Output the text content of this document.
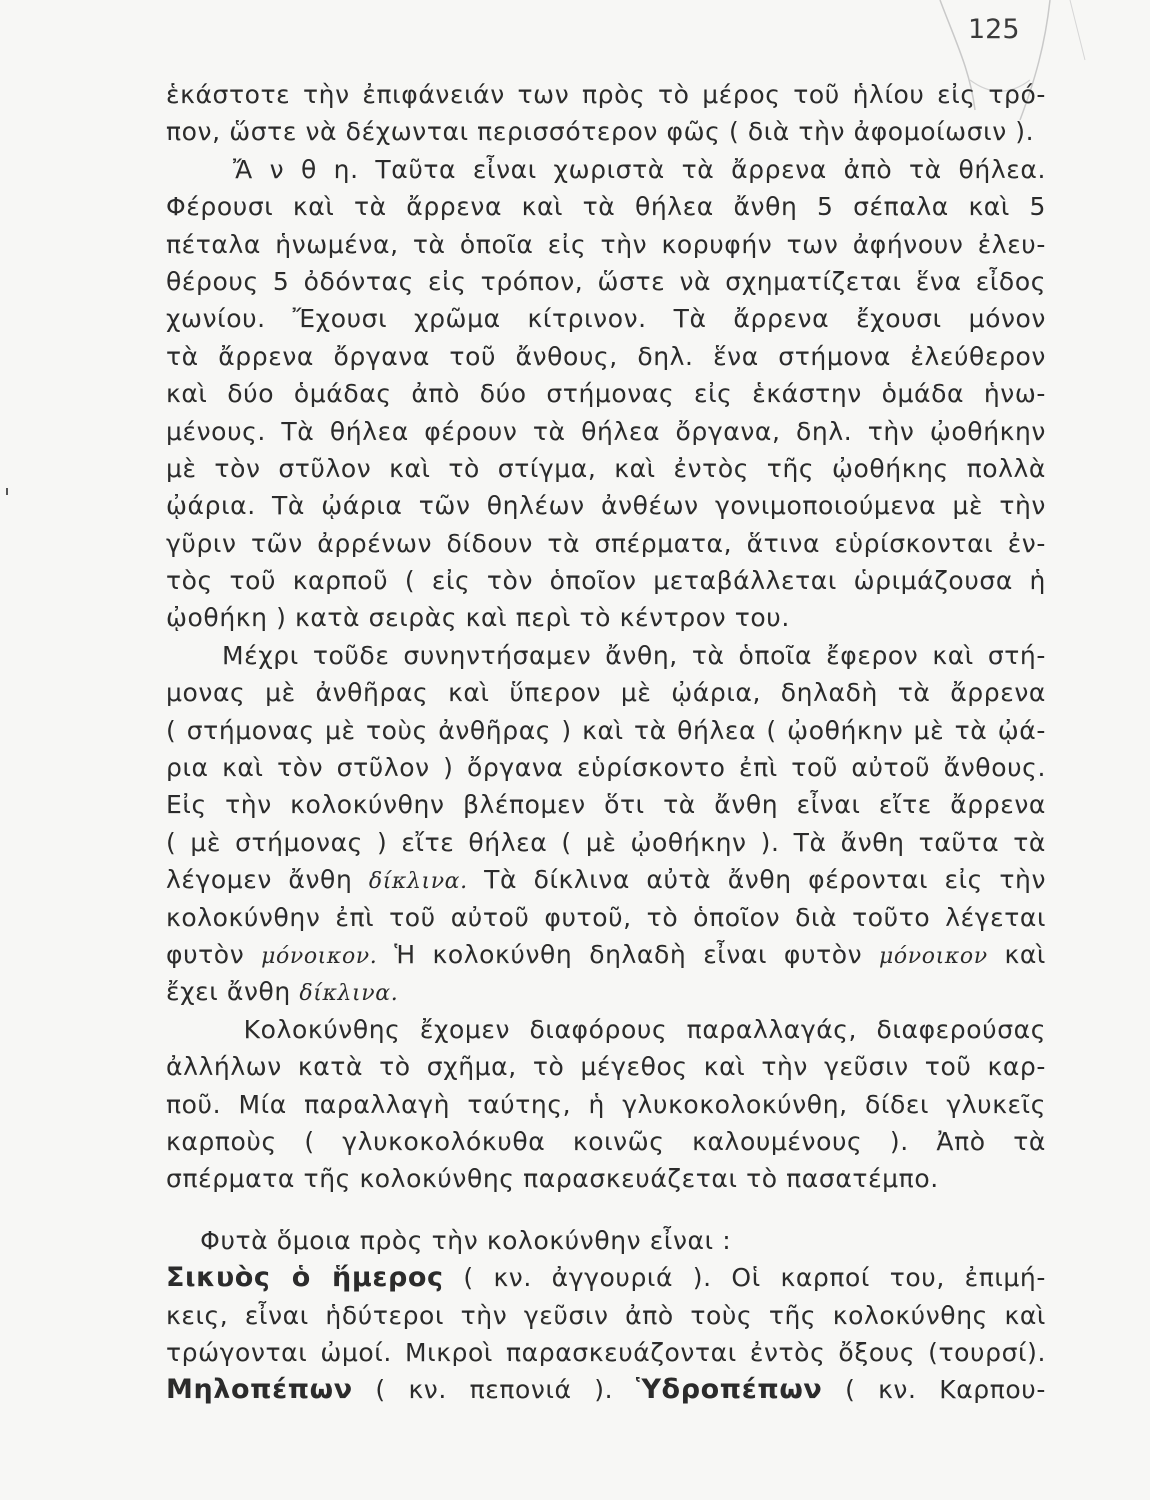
125
ἑκάστοτε τὴν ἐπιφάνειάν των πρὸς τὸ μέρος τοῦ ἡλίου εἰς τρό-
πον, ὥστε νὰ δέχωνται περισσότερον φῶς ( διὰ τὴν ἀφομοίωσιν ).
Ἄ ν θ η. Ταῦτα εἶναι χωριστὰ τὰ ἄρρενα ἀπὸ τὰ θήλεα.
Φέρουσι καὶ τὰ ἄρρενα καὶ τὰ θήλεα ἄνθη 5 σέπαλα καὶ 5
πέταλα ἡνωμένα, τὰ ὁποῖα εἰς τὴν κορυφήν των ἀφήνουν ἐλευ-
θέρους 5 ὀδόντας εἰς τρόπον, ὥστε νὰ σχηματίζεται ἕνα εἶδος
χωνίου. Ἔχουσι χρῶμα κίτρινον. Τὰ ἄρρενα ἔχουσι μόνον
τὰ ἄρρενα ὄργανα τοῦ ἄνθους, δηλ. ἕνα στήμονα ἐλεύθερον
καὶ δύο ὁμάδας ἀπὸ δύο στήμονας εἰς ἑκάστην ὁμάδα ἡνω-
μένους. Τὰ θήλεα φέρουν τὰ θήλεα ὄργανα, δηλ. τὴν ᾠοθήκην
μὲ τὸν στῦλον καὶ τὸ στίγμα, καὶ ἐντὸς τῆς ᾠοθήκης πολλὰ
ᾠάρια. Τὰ ᾠάρια τῶν θηλέων ἀνθέων γονιμοποιούμενα μὲ τὴν
γῦριν τῶν ἀρρένων δίδουν τὰ σπέρματα, ἅτινα εὑρίσκονται ἐν-
τὸς τοῦ καρποῦ ( εἰς τὸν ὁποῖον μεταβάλλεται ὡριμάζουσα ἡ
ᾠοθήκη ) κατὰ σειρὰς καὶ περὶ τὸ κέντρον του.
Μέχρι τοῦδε συνηντήσαμεν ἄνθη, τὰ ὁποῖα ἔφερον καὶ στή-
μονας μὲ ἀνθῆρας καὶ ὕπερον μὲ ᾠάρια, δηλαδὴ τὰ ἄρρενα
( στήμονας μὲ τοὺς ἀνθῆρας ) καὶ τὰ θήλεα ( ᾠοθήκην μὲ τὰ ᾠά-
ρια καὶ τὸν στῦλον ) ὄργανα εὑρίσκοντο ἐπὶ τοῦ αὐτοῦ ἄνθους.
Εἰς τὴν κολοκύνθην βλέπομεν ὅτι τὰ ἄνθη εἶναι εἴτε ἄρρενα
( μὲ στήμονας ) εἴτε θήλεα ( μὲ ᾠοθήκην ). Τὰ ἄνθη ταῦτα τὰ
λέγομεν ἄνθη δίκλινα. Τὰ δίκλινα αὐτὰ ἄνθη φέρονται εἰς τὴν
κολοκύνθην ἐπὶ τοῦ αὐτοῦ φυτοῦ, τὸ ὁποῖον διὰ τοῦτο λέγεται
φυτὸν μόνοικον. Ἡ κολοκύνθη δηλαδὴ εἶναι φυτὸν μόνοικον καὶ
ἔχει ἄνθη δίκλινα.
Κολοκύνθης ἔχομεν διαφόρους παραλλαγάς, διαφερούσας
ἀλλήλων κατὰ τὸ σχῆμα, τὸ μέγεθος καὶ τὴν γεῦσιν τοῦ καρ-
ποῦ. Μία παραλλαγὴ ταύτης, ἡ γλυκοκολοκύνθη, δίδει γλυκεῖς
καρποὺς ( γλυκοκολόκυθα κοινῶς καλουμένους ). Ἀπὸ τὰ
σπέρματα τῆς κολοκύνθης παρασκευάζεται τὸ πασατέμπο.
Φυτὰ ὅμοια πρὸς τὴν κολοκύνθην εἶναι :
Σικυὸς ὁ ἥμερος ( κν. ἀγγουριά ). Οἱ καρποί του, ἐπιμή-
κεις, εἶναι ἡδύτεροι τὴν γεῦσιν ἀπὸ τοὺς τῆς κολοκύνθης καὶ
τρώγονται ὠμοί. Μικροὶ παρασκευάζονται ἐντὸς ὄξους (τουρσί).
Μηλοπέπων ( κν. πεπονιά ). Ὑδροπέπων ( κν. Καρπου-
